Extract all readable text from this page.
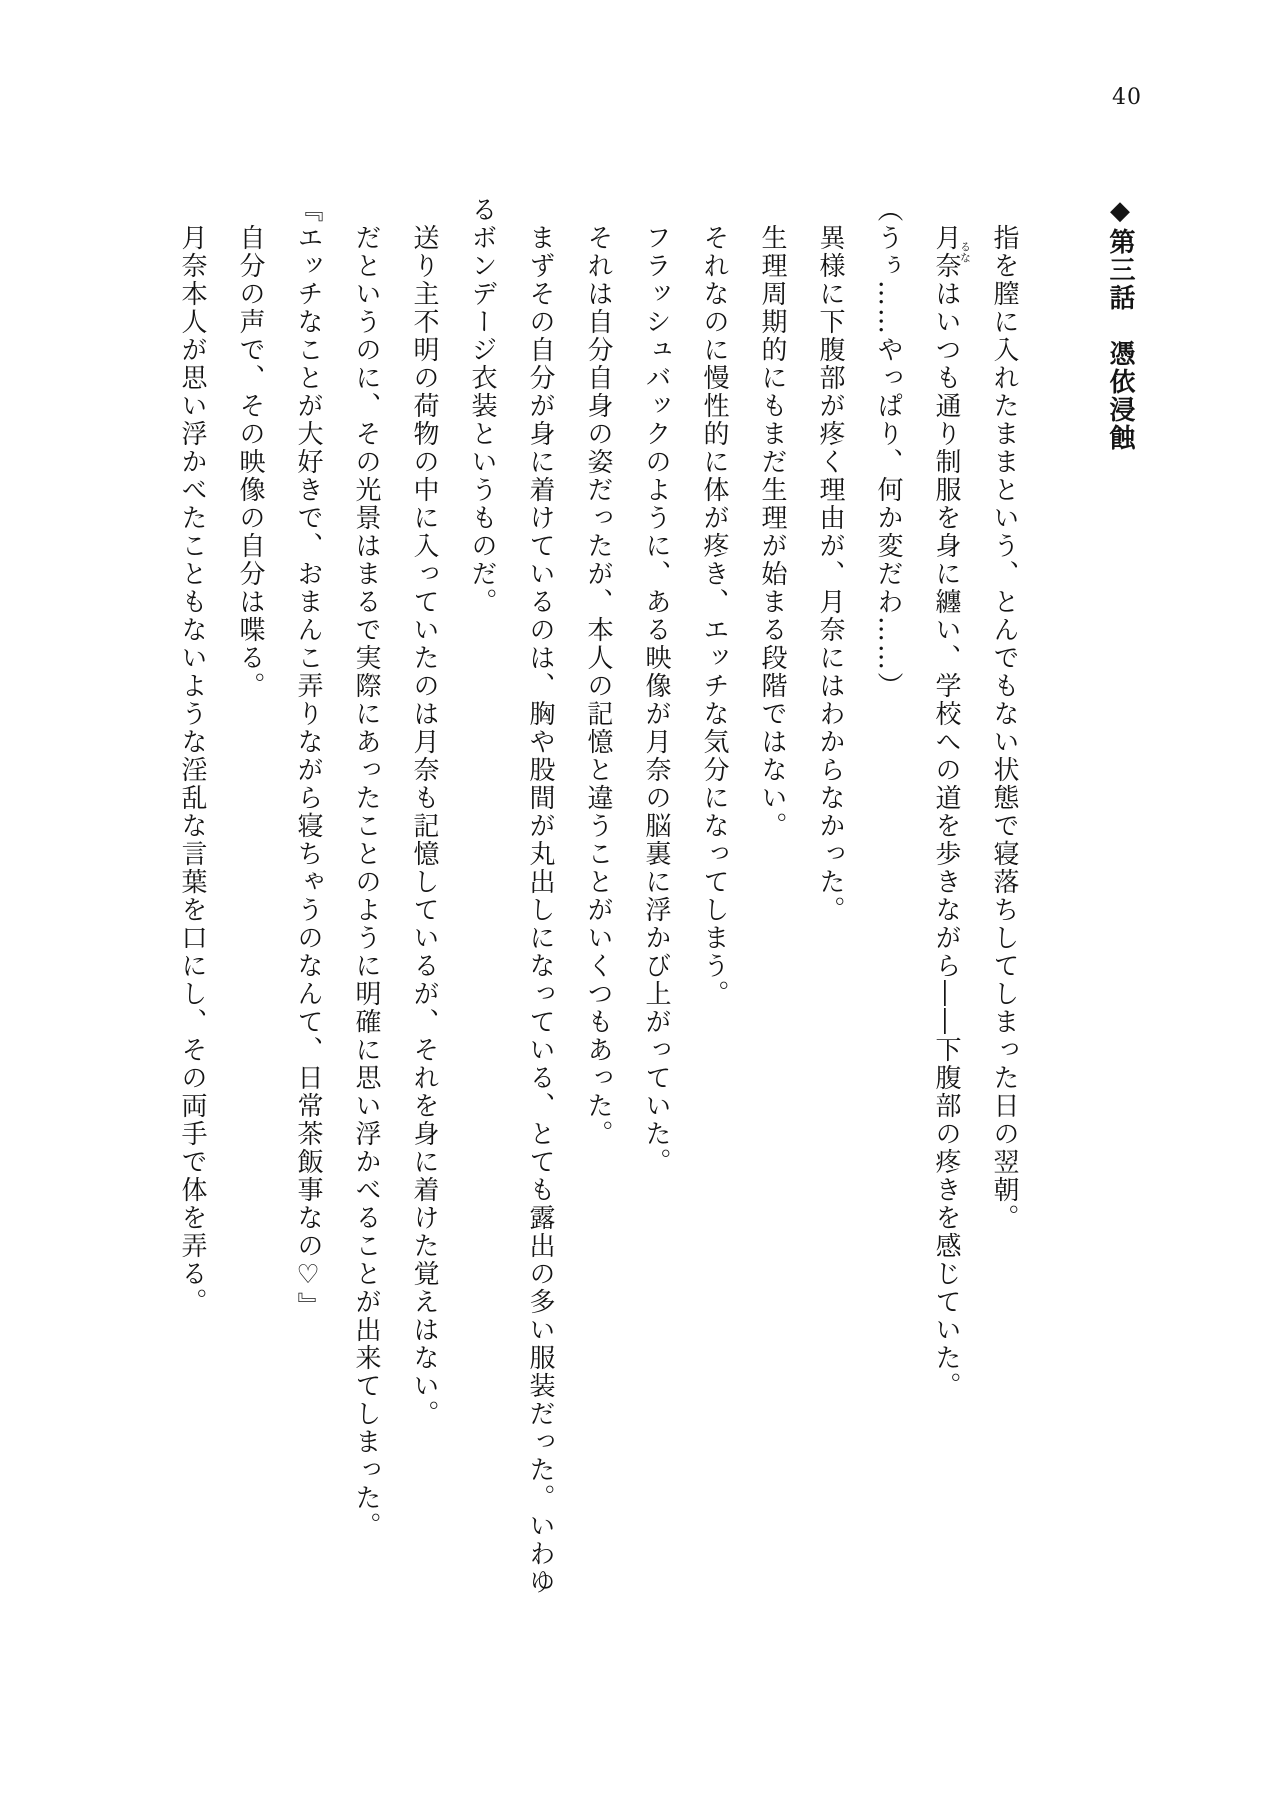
40

◆第三話　憑依浸蝕

指を膣に入れたままという、とんでもない状態で寝落ちしてしまった日の翌朝。

月奈るなはいつも通り制服を身に纏い、学校への道を歩きながら――下腹部の疼きを感じていた。

（うぅ……やっぱり、何か変だわ……）

異様に下腹部が疼く理由が、月奈にはわからなかった。

生理周期的にもまだ生理が始まる段階ではない。

それなのに慢性的に体が疼き、エッチな気分になってしまう。

フラッシュバックのように、ある映像が月奈の脳裏に浮かび上がっていた。

それは自分自身の姿だったが、本人の記憶と違うことがいくつもあった。

まずその自分が身に着けているのは、胸や股間が丸出しになっている、とても露出の多い服装だった。いわゆるボンデージ衣装というものだ。

送り主不明の荷物の中に入っていたのは月奈も記憶しているが、それを身に着けた覚えはない。

だというのに、その光景はまるで実際にあったことのように明確に思い浮かべることが出来てしまった。

『エッチなことが大好きで、おまんこ弄りながら寝ちゃうのなんて、日常茶飯事なの♡』

自分の声で、その映像の自分は喋る。

月奈本人が思い浮かべたこともないような淫乱な言葉を口にし、その両手で体を弄る。
